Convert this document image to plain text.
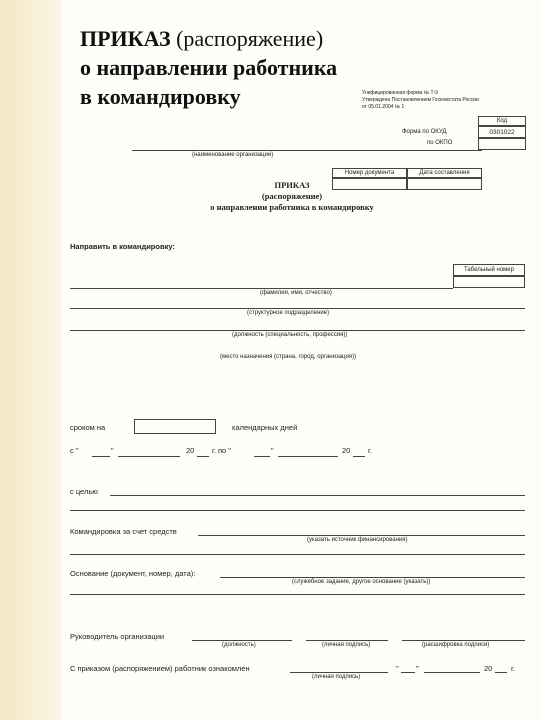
ПРИКАЗ (распоряжение)
о направлении работника
в командировку	Унифицированная форма № Т-9
Утверждена Постановлением Госкомстата России
от 05.01.2004 № 1
Код
Форма по ОКУД	0301022
по ОКПО
(наименование организации)
Номер документа	Дата составления
ПРИКАЗ
(распоряжение)
о направлении работника в командировку
Направить в командировку:
Табельный номер
(фамилия, имя, отчество)
(структурное подразделение)
(должность (специальность, профессия))
(место назначения (страна, город, организация))
сроком на	календарных дней
с "	"	20 г. по "	"	20 г.
с целью
Командировка за счет средств
(указать источник финансирования)
Основание (документ, номер, дата):
(служебное задание, другое основание (указать))
Руководитель организации
(должность)	(личная подпись)	(расшифровка подписи)
С приказом (распоряжением) работник ознакомлен
(личная подпись)
" "	20 г.
